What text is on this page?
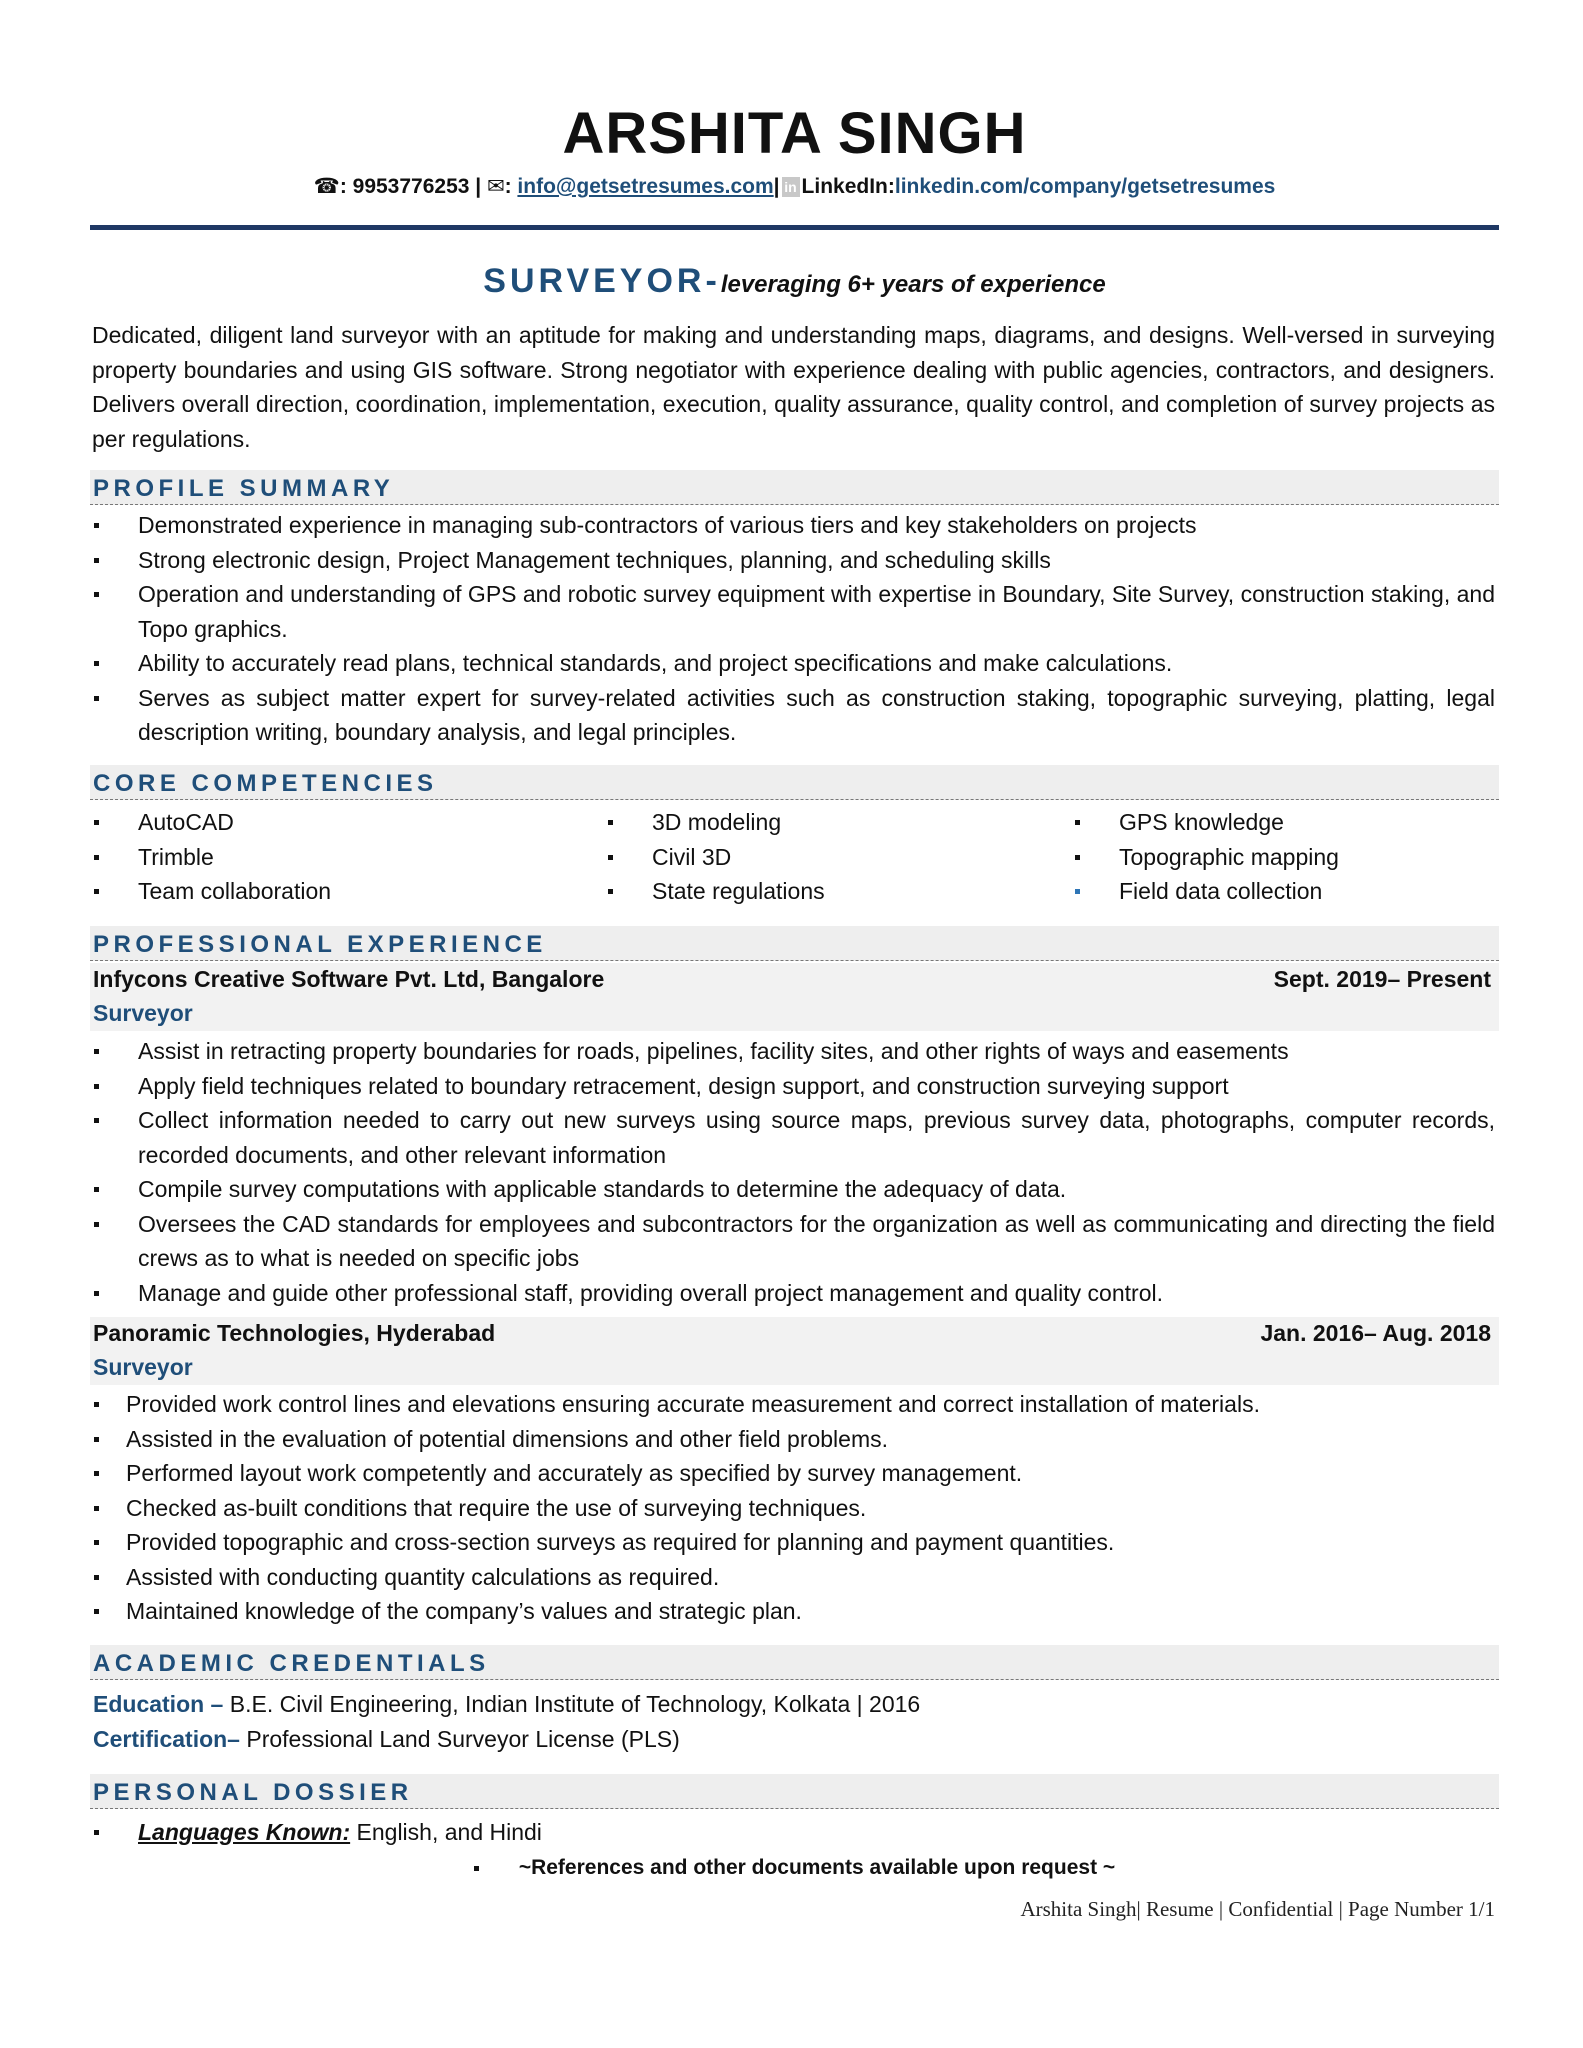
ARSHITA SINGH
☎: 9953776253 | ✉: info@getsetresumes.com| in LinkedIn:linkedin.com/company/getsetresumes
SURVEYOR-leveraging 6+ years of experience
Dedicated, diligent land surveyor with an aptitude for making and understanding maps, diagrams, and designs. Well-versed in surveying property boundaries and using GIS software. Strong negotiator with experience dealing with public agencies, contractors, and designers. Delivers overall direction, coordination, implementation, execution, quality assurance, quality control, and completion of survey projects as per regulations.
PROFILE SUMMARY
Demonstrated experience in managing sub-contractors of various tiers and key stakeholders on projects
Strong electronic design, Project Management techniques, planning, and scheduling skills
Operation and understanding of GPS and robotic survey equipment with expertise in Boundary, Site Survey, construction staking, and Topo graphics.
Ability to accurately read plans, technical standards, and project specifications and make calculations.
Serves as subject matter expert for survey-related activities such as construction staking, topographic surveying, platting, legal description writing, boundary analysis, and legal principles.
CORE COMPETENCIES
AutoCAD
Trimble
Team collaboration
3D modeling
Civil 3D
State regulations
GPS knowledge
Topographic mapping
Field data collection
PROFESSIONAL EXPERIENCE
Infycons Creative Software Pvt. Ltd, Bangalore	Sept. 2019– Present
Surveyor
Assist in retracting property boundaries for roads, pipelines, facility sites, and other rights of ways and easements
Apply field techniques related to boundary retracement, design support, and construction surveying support
Collect information needed to carry out new surveys using source maps, previous survey data, photographs, computer records, recorded documents, and other relevant information
Compile survey computations with applicable standards to determine the adequacy of data.
Oversees the CAD standards for employees and subcontractors for the organization as well as communicating and directing the field crews as to what is needed on specific jobs
Manage and guide other professional staff, providing overall project management and quality control.
Panoramic Technologies, Hyderabad	Jan. 2016– Aug. 2018
Surveyor
Provided work control lines and elevations ensuring accurate measurement and correct installation of materials.
Assisted in the evaluation of potential dimensions and other field problems.
Performed layout work competently and accurately as specified by survey management.
Checked as-built conditions that require the use of surveying techniques.
Provided topographic and cross-section surveys as required for planning and payment quantities.
Assisted with conducting quantity calculations as required.
Maintained knowledge of the company’s values and strategic plan.
ACADEMIC CREDENTIALS
Education – B.E. Civil Engineering, Indian Institute of Technology, Kolkata | 2016
Certification– Professional Land Surveyor License (PLS)
PERSONAL DOSSIER
Languages Known: English, and Hindi
~References and other documents available upon request ~
Arshita Singh| Resume | Confidential | Page Number 1/1
